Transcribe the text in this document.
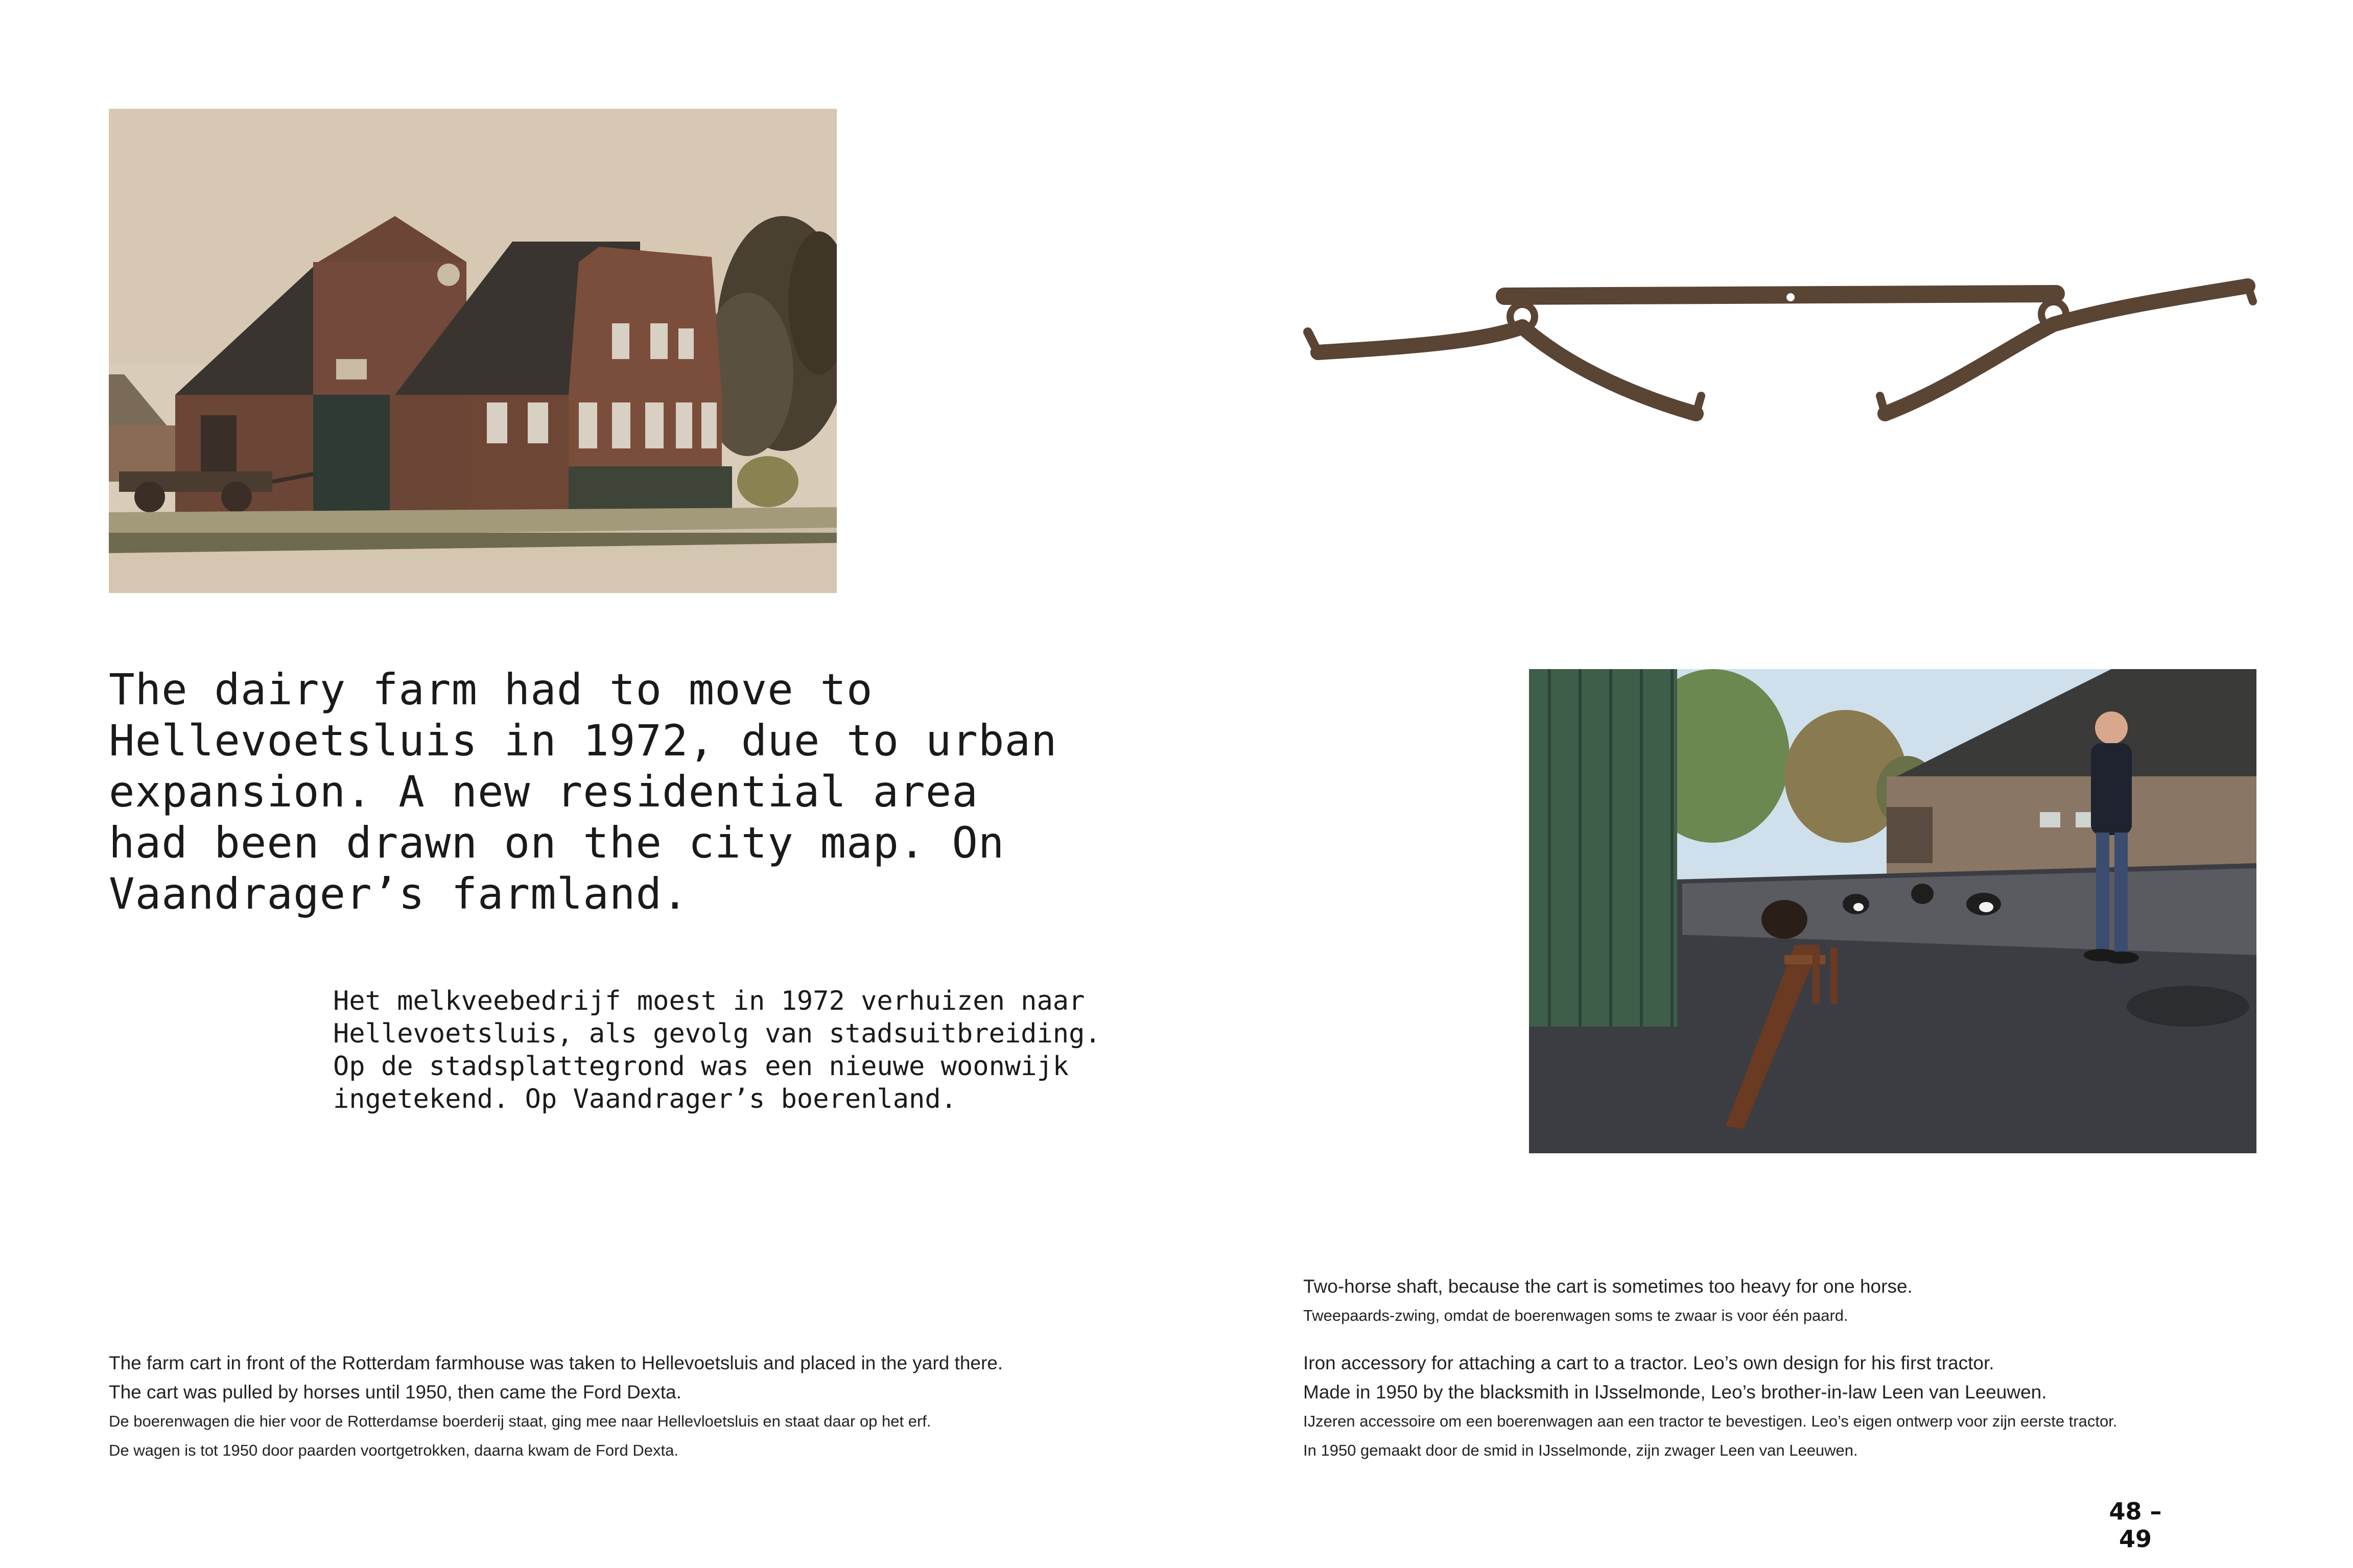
The dairy farm had to move to
Hellevoetsluis in 1972, due to urban
expansion. A new residential area
had been drawn on the city map. On
Vaandrager’s farmland.

Het melkveebedrijf moest in 1972 verhuizen naar
Hellevoetsluis, als gevolg van stadsuitbreiding.
Op de stadsplattegrond was een nieuwe woonwijk
ingetekend. Op Vaandrager’s boerenland.

The farm cart in front of the Rotterdam farmhouse was taken to Hellevoetsluis and placed in the yard there.
The cart was pulled by horses until 1950, then came the Ford Dexta.
De boerenwagen die hier voor de Rotterdamse boerderij staat, ging mee naar Hellevloetsluis en staat daar op het erf.
De wagen is tot 1950 door paarden voortgetrokken, daarna kwam de Ford Dexta.
Two-horse shaft, because the cart is sometimes too heavy for one horse.
Tweepaards-zwing, omdat de boerenwagen soms te zwaar is voor één paard.
Iron accessory for attaching a cart to a tractor. Leo’s own design for his first tractor.
Made in 1950 by the blacksmith in IJsselmonde, Leo’s brother-in-law Leen van Leeuwen.
IJzeren accessoire om een boerenwagen aan een tractor te bevestigen. Leo’s eigen ontwerp voor zijn eerste tractor.
In 1950 gemaakt door de smid in IJsselmonde, zijn zwager Leen van Leeuwen.
48 – 49
